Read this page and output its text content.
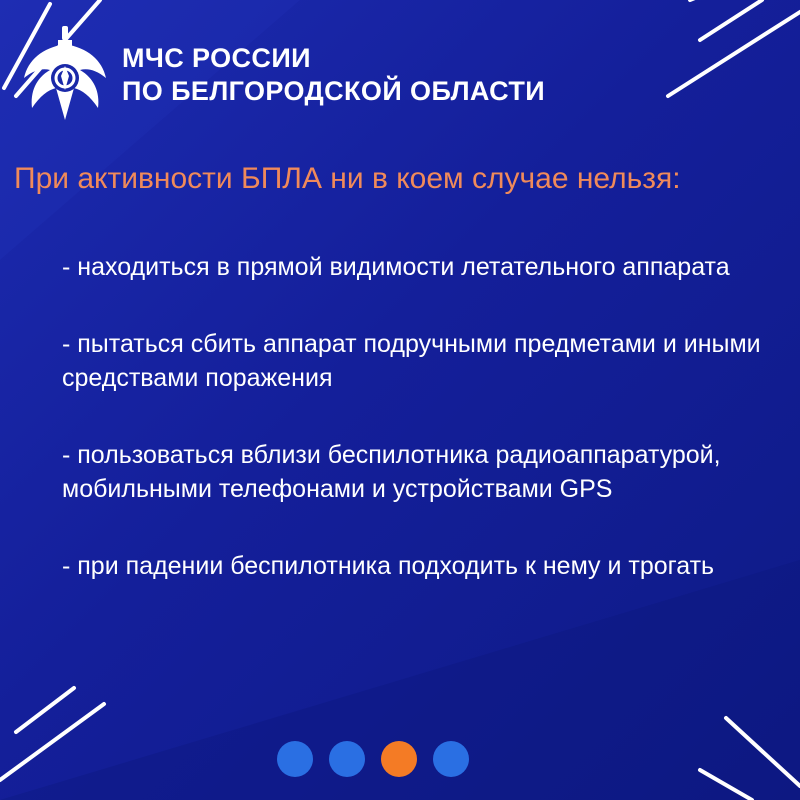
МЧС РОССИИ
ПО БЕЛГОРОДСКОЙ ОБЛАСТИ
При активности БПЛА ни в коем случае нельзя:
- находиться в прямой видимости летательного аппарата
- пытаться сбить аппарат подручными предметами и иными средствами поражения
- пользоваться вблизи беспилотника радиоаппаратурой, мобильными телефонами и устройствами GPS
- при падении беспилотника подходить к нему и трогать
